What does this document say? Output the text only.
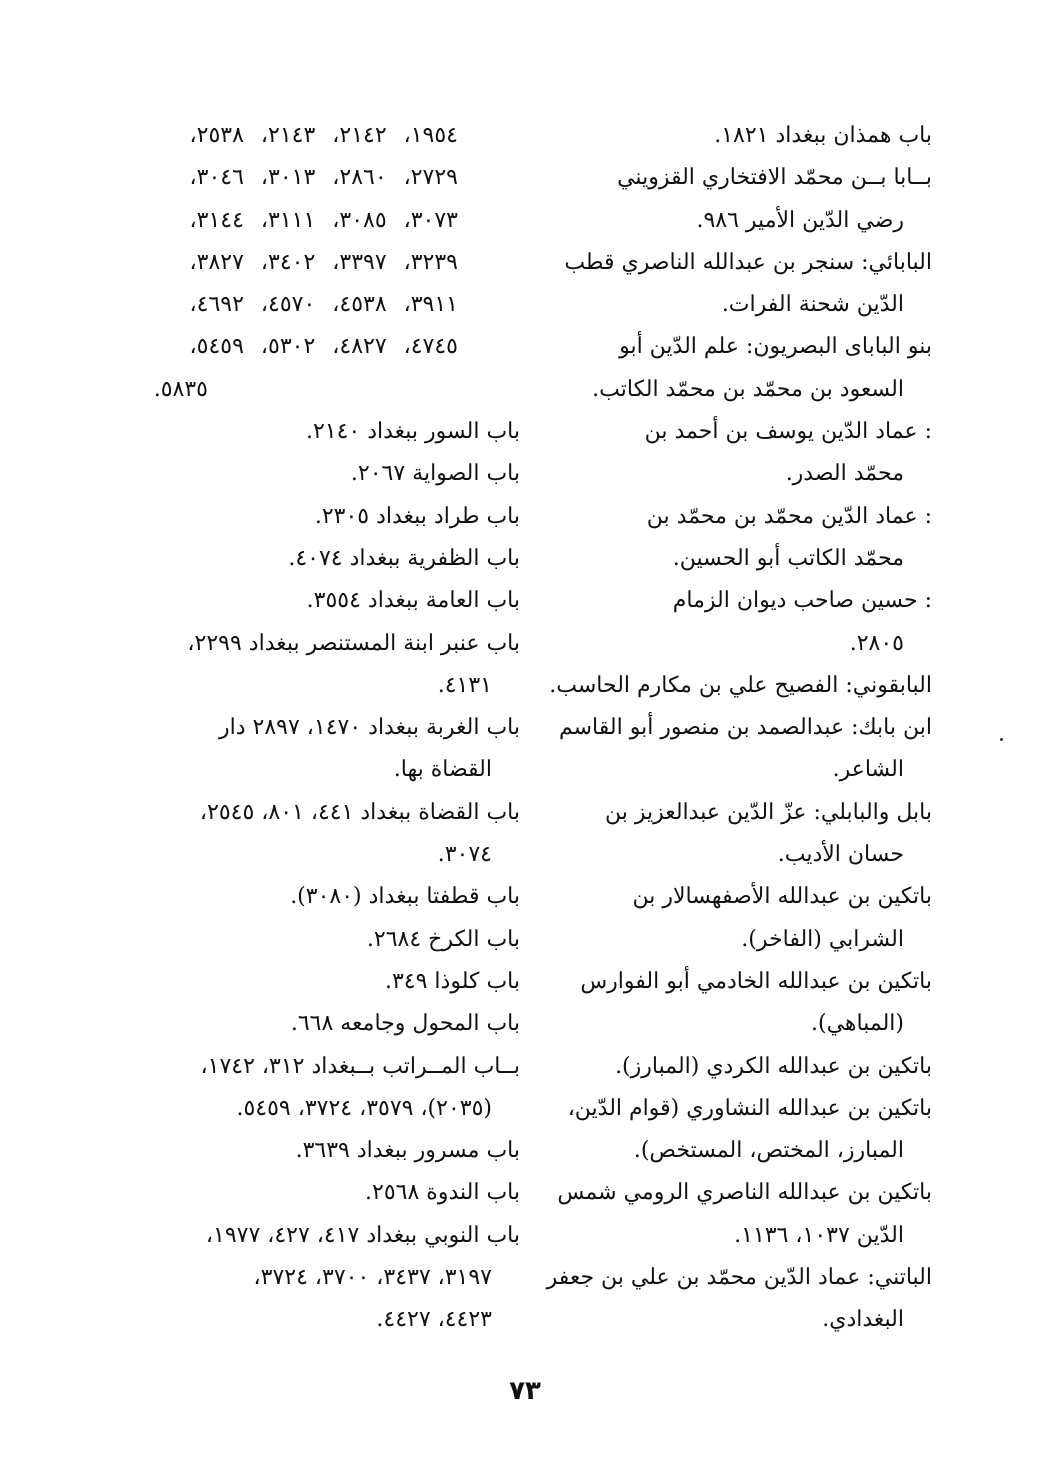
باب همذان ببغداد ١٨٢١.
بــابا بــن محمّد الافتخاري القزويني
رضي الدّين الأمير ٩٨٦.
البابائي: سنجر بن عبدالله الناصري قطب
الدّين شحنة الفرات.
بنو البابای البصريون: علم الدّين أبو
السعود بن محمّد بن محمّد الكاتب.
: عماد الدّين يوسف بن أحمد بن
محمّد الصدر.
: عماد الدّين محمّد بن محمّد بن
محمّد الكاتب أبو الحسين.
: حسين صاحب ديوان الزمام
٢٨٠٥.
البابقوني: الفصيح علي بن مكارم الحاسب.
ابن بابك: عبدالصمد بن منصور أبو القاسم
الشاعر.
بابل والبابلي: عزّ الدّين عبدالعزيز بن
حسان الأديب.
باتكين بن عبدالله الأصفهسالار بن
الشرابي (الفاخر).
باتكين بن عبدالله الخادمي أبو الفوارس
(المباهي).
باتكين بن عبدالله الكردي (المبارز).
باتكين بن عبدالله النشاوري (قوام الدّين،
المبارز، المختص، المستخص).
باتكين بن عبدالله الناصري الرومي شمس
الدّين ١٠٣٧، ١١٣٦.
الباتني: عماد الدّين محمّد بن علي بن جعفر
البغدادي.
١٩٥٤، ٢١٤٢، ٢١٤٣، ٢٥٣٨،
٢٧٢٩، ٢٨٦٠، ٣٠١٣، ٣٠٤٦،
٣٠٧٣، ٣٠٨٥، ٣١١١، ٣١٤٤،
٣٢٣٩، ٣٣٩٧، ٣٤٠٢، ٣٨٢٧،
٣٩١١، ٤٥٣٨، ٤٥٧٠، ٤٦٩٢،
٤٧٤٥، ٤٨٢٧، ٥٣٠٢، ٥٤٥٩،
٥٨٣٥.
باب السور ببغداد ٢١٤٠.
باب الصواية ٢٠٦٧.
باب طراد ببغداد ٢٣٠٥.
باب الظفرية ببغداد ٤٠٧٤.
باب العامة ببغداد ٣٥٥٤.
باب عنبر ابنة المستنصر ببغداد ٢٢٩٩،
٤١٣١.
باب الغربة ببغداد ١٤٧٠، ٢٨٩٧ دار
القضاة بها.
باب القضاة ببغداد ٤٤١، ٨٠١، ٢٥٤٥،
٣٠٧٤.
باب قطفتا ببغداد (٣٠٨٠).
باب الكرخ ٢٦٨٤.
باب كلوذا ٣٤٩.
باب المحول وجامعه ٦٦٨.
بــاب المــراتب بــبغداد ٣١٢، ١٧٤٢،
(٢٠٣٥)، ٣٥٧٩، ٣٧٢٤، ٥٤٥٩.
باب مسرور ببغداد ٣٦٣٩.
باب الندوة ٢٥٦٨.
باب النوبي ببغداد ٤١٧، ٤٢٧، ١٩٧٧،
٣١٩٧، ٣٤٣٧، ٣٧٠٠، ٣٧٢٤،
٤٤٢٣، ٤٤٢٧.
٧٣
